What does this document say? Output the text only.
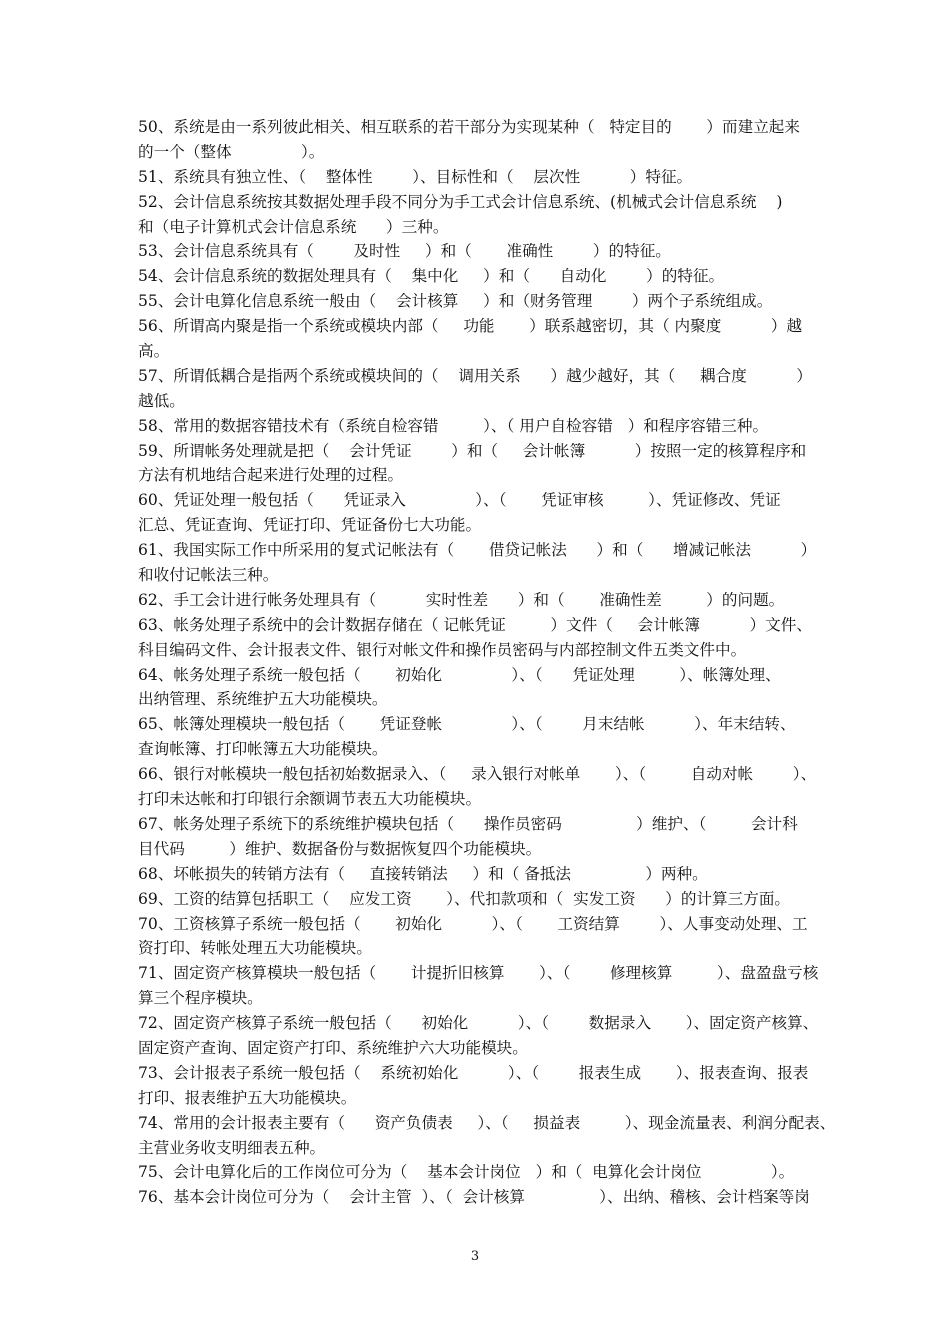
50、系统是由一系列彼此相关、相互联系的若干部分为实现某种（   特定目的       ）而建立起来
的一个（整体              ）。
51、系统具有独立性、（    整体性        ）、目标性和（    层次性          ）特征。
52、会计信息系统按其数据处理手段不同分为手工式会计信息系统、(机械式会计信息系统    )
和（电子计算机式会计信息系统      ）三种。
53、会计信息系统具有（        及时性     ）和（       准确性        ）的特征。
54、会计信息系统的数据处理具有（    集中化     ）和（      自动化        ）的特征。
55、会计电算化信息系统一般由（    会计核算     ）和（财务管理        ）两个子系统组成。
56、所谓高内聚是指一个系统或模块内部（     功能       ）联系越密切，其（ 内聚度          ）越
高。
57、所谓低耦合是指两个系统或模块间的（    调用关系      ）越少越好，其（     耦合度          ）
越低。
58、常用的数据容错技术有（系统自检容错         ）、（ 用户自检容错   ）和程序容错三种。
59、所谓帐务处理就是把（    会计凭证        ）和（     会计帐簿          ）按照一定的核算程序和
方法有机地结合起来进行处理的过程。
60、凭证处理一般包括（      凭证录入              ）、（       凭证审核         ）、凭证修改、凭证
汇总、凭证查询、凭证打印、凭证备份七大功能。
61、我国实际工作中所采用的复式记帐法有（       借贷记帐法      ）和（      增减记帐法          ）
和收付记帐法三种。
62、手工会计进行帐务处理具有（          实时性差      ）和（       准确性差         ）的问题。
63、帐务处理子系统中的会计数据存储在（ 记帐凭证         ）文件（     会计帐簿          ）文件、
科目编码文件、会计报表文件、银行对帐文件和操作员密码与内部控制文件五类文件中。
64、帐务处理子系统一般包括（       初始化              ）、（      凭证处理         ）、帐簿处理、
出纳管理、系统维护五大功能模块。
65、帐簿处理模块一般包括（       凭证登帐              ）、（        月末结帐          ）、年末结转、
查询帐簿、打印帐簿五大功能模块。
66、银行对帐模块一般包括初始数据录入、（     录入银行对帐单       ）、（         自动对帐        ）、
打印未达帐和打印银行余额调节表五大功能模块。
67、帐务处理子系统下的系统维护模块包括（      操作员密码               ）维护、（         会计科
目代码         ）维护、数据备份与数据恢复四个功能模块。
68、坏帐损失的转销方法有（     直接转销法     ）和（ 备抵法               ）两种。
69、工资的结算包括职工（    应发工资       ）、代扣款项和（  实发工资      ）的计算三方面。
70、工资核算子系统一般包括（       初始化          ）、（       工资结算        ）、人事变动处理、工
资打印、转帐处理五大功能模块。
71、固定资产核算模块一般包括（       计提折旧核算       ）、（        修理核算         ）、盘盈盘亏核
算三个程序模块。
72、固定资产核算子系统一般包括（      初始化          ）、（        数据录入       ）、固定资产核算、
固定资产查询、固定资产打印、系统维护六大功能模块。
73、会计报表子系统一般包括（    系统初始化          ）、（        报表生成       ）、报表查询、报表
打印、报表维护五大功能模块。
74、常用的会计报表主要有（      资产负债表     ）、（     损益表         ）、现金流量表、利润分配表、
主营业务收支明细表五种。
75、会计电算化后的工作岗位可分为（    基本会计岗位   ）和（  电算化会计岗位              ）。
76、基本会计岗位可分为（    会计主管  ）、（  会计核算               ）、出纳、稽核、会计档案等岗
3
